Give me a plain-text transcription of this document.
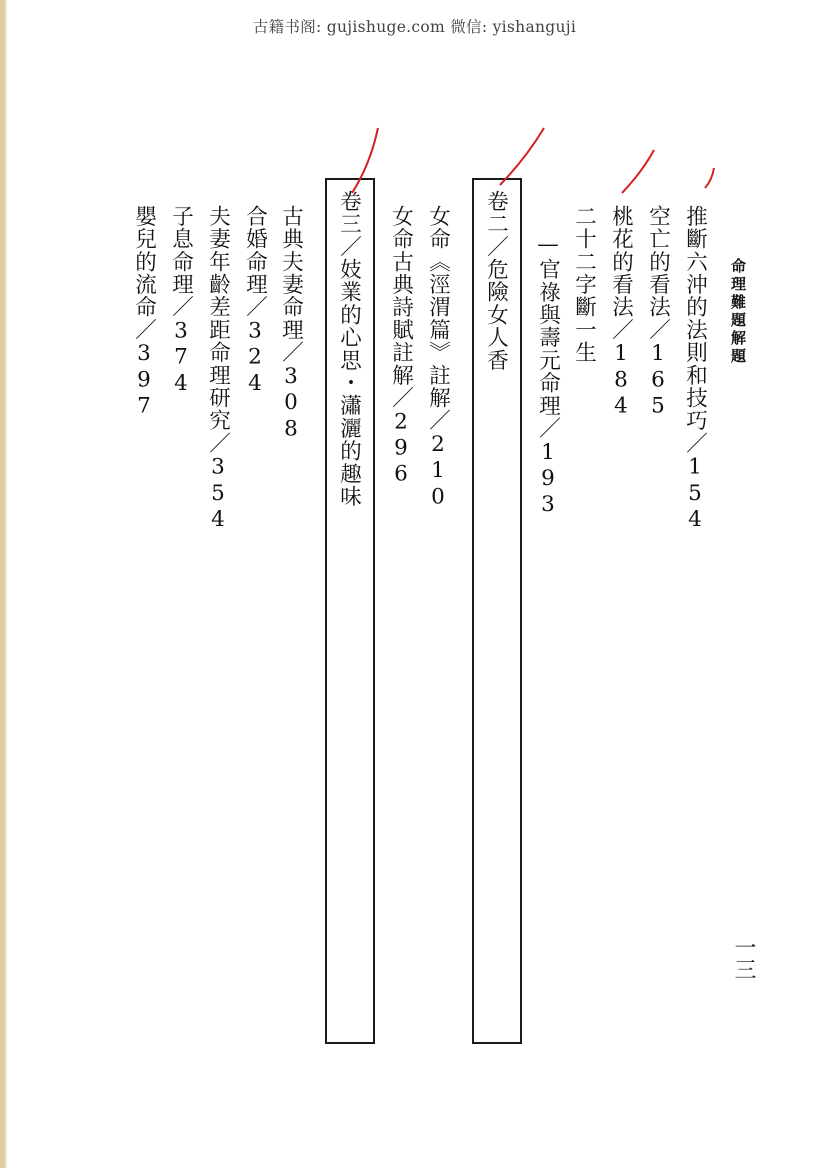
古籍书阁: gujishuge.com 微信: yishanguji
命理難題解題
推斷六沖的法則和技巧／154
空亡的看法／165
桃花的看法／184
二十二字斷一生
—官祿與壽元命理／193
卷二／危險女人香
女命《涇渭篇》註解／210
女命古典詩賦註解／296
卷三／妓業的心思・瀟灑的趣味
古典夫妻命理／308
合婚命理／324
夫妻年齡差距命理研究／354
子息命理／374
嬰兒的流命／397
一三
